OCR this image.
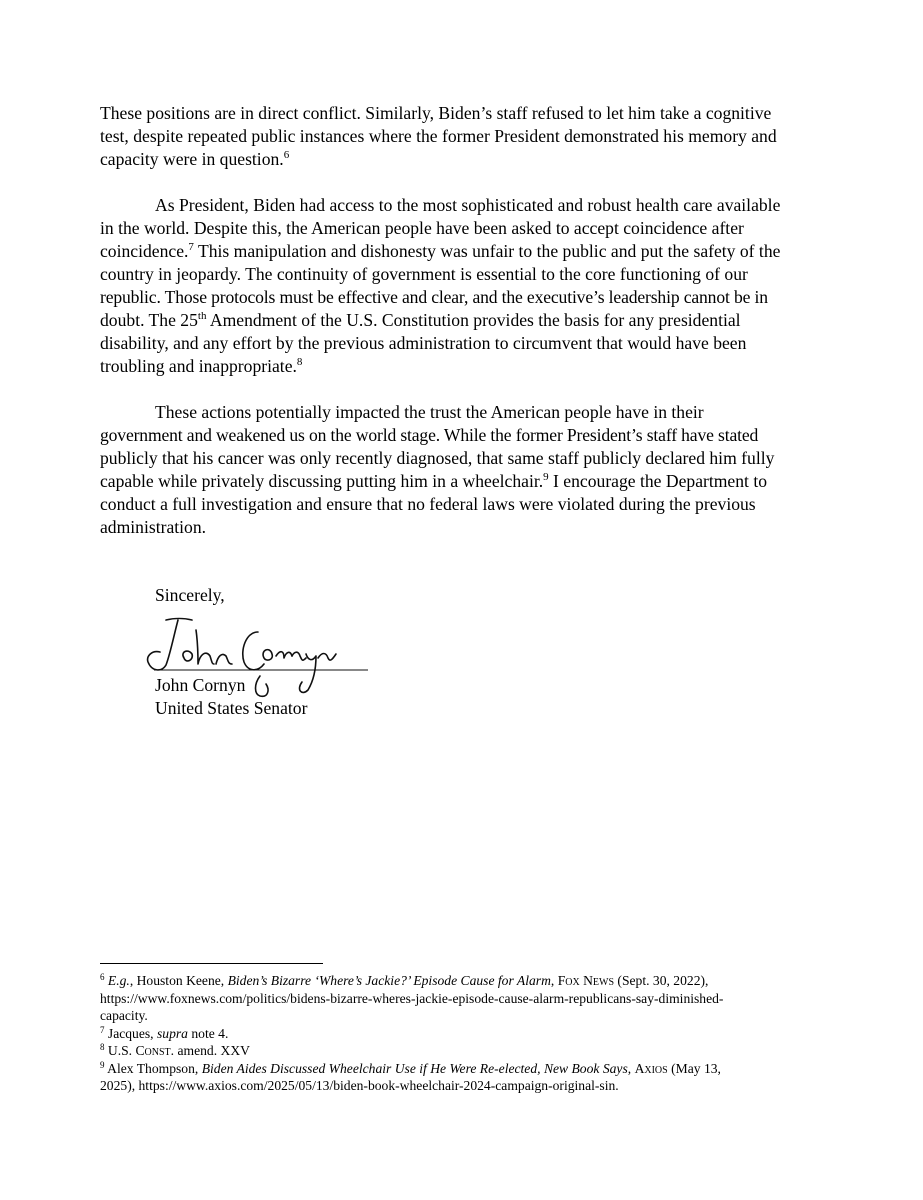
These positions are in direct conflict. Similarly, Biden’s staff refused to let him take a cognitive
test, despite repeated public instances where the former President demonstrated his memory and
capacity were in question.$^6$
As President, Biden had access to the most sophisticated and robust health care available
in the world. Despite this, the American people have been asked to accept coincidence after
coincidence.$^7$ This manipulation and dishonesty was unfair to the public and put the safety of the
country in jeopardy. The continuity of government is essential to the core functioning of our
republic. Those protocols must be effective and clear, and the executive’s leadership cannot be in
doubt. The 25th Amendment of the U.S. Constitution provides the basis for any presidential
disability, and any effort by the previous administration to circumvent that would have been
troubling and inappropriate.$^8$
These actions potentially impacted the trust the American people have in their
government and weakened us on the world stage. While the former President’s staff have stated
publicly that his cancer was only recently diagnosed, that same staff publicly declared him fully
capable while privately discussing putting him in a wheelchair.$^9$ I encourage the Department to
conduct a full investigation and ensure that no federal laws were violated during the previous
administration.
Sincerely,
John Cornyn
United States Senator
$^6$ E.g., Houston Keene, Biden’s Bizarre ‘Where’s Jackie?’ Episode Cause for Alarm, Fox News (Sept. 30, 2022),
https://www.foxnews.com/politics/bidens-bizarre-wheres-jackie-episode-cause-alarm-republicans-say-diminished-
capacity.
$^7$ Jacques, supra note 4.
$^8$ U.S. Const. amend. XXV
$^9$ Alex Thompson, Biden Aides Discussed Wheelchair Use if He Were Re-elected, New Book Says, Axios (May 13,
2025), https://www.axios.com/2025/05/13/biden-book-wheelchair-2024-campaign-original-sin.
